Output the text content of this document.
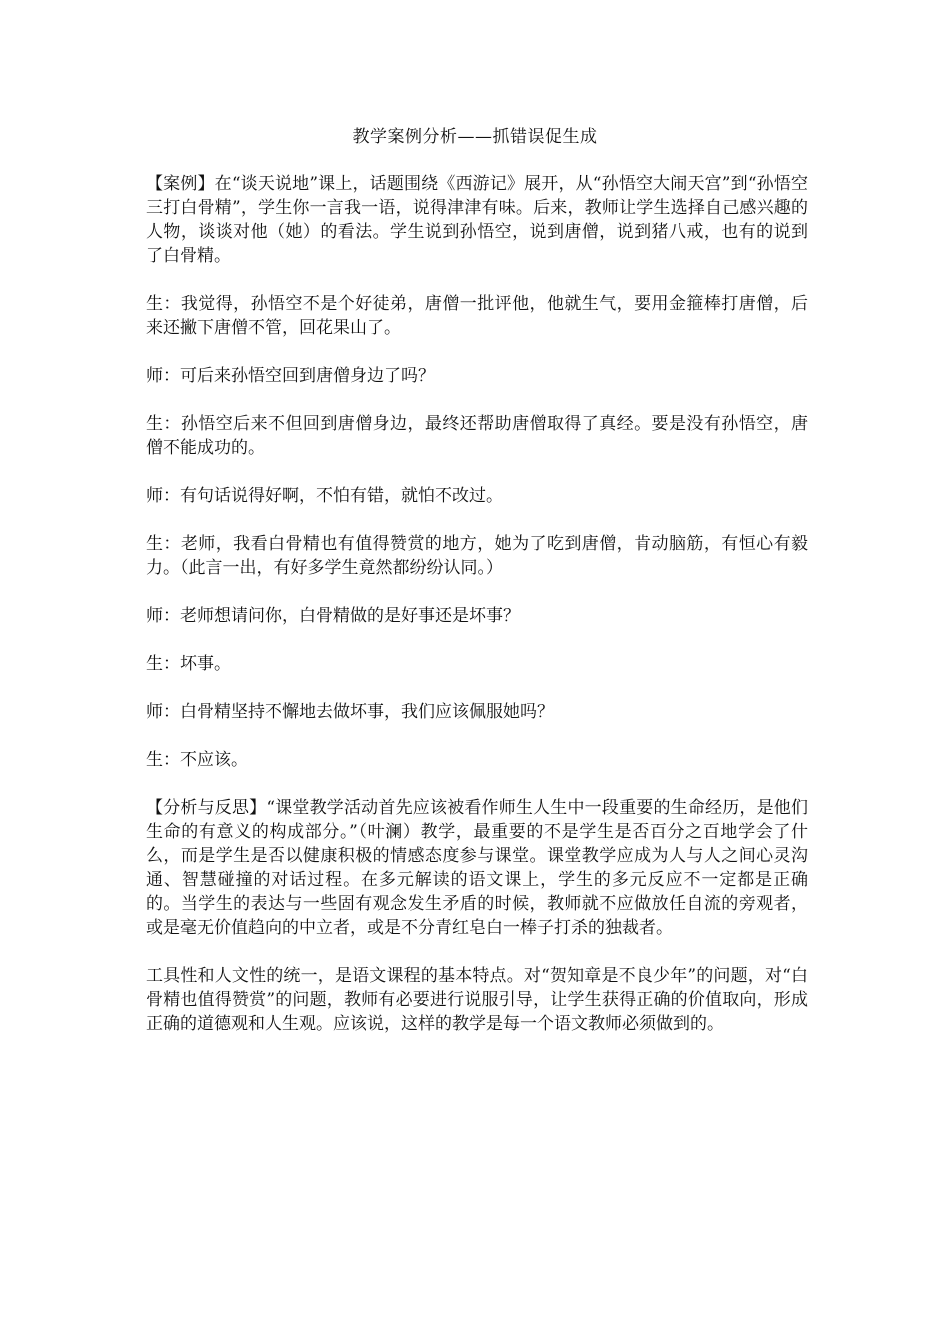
教学案例分析——抓错误促生成

【案例】在“谈天说地”课上，话题围绕《西游记》展开，从“孙悟空大闹天宫”到“孙悟空三打白骨精”，学生你一言我一语，说得津津有味。后来，教师让学生选择自己感兴趣的人物，谈谈对他（她）的看法。学生说到孙悟空，说到唐僧，说到猪八戒，也有的说到了白骨精。

生：我觉得，孙悟空不是个好徒弟，唐僧一批评他，他就生气，要用金箍棒打唐僧，后来还撇下唐僧不管，回花果山了。

师：可后来孙悟空回到唐僧身边了吗？

生：孙悟空后来不但回到唐僧身边，最终还帮助唐僧取得了真经。要是没有孙悟空，唐僧不能成功的。

师：有句话说得好啊，不怕有错，就怕不改过。

生：老师，我看白骨精也有值得赞赏的地方，她为了吃到唐僧，肯动脑筋，有恒心有毅力。（此言一出，有好多学生竟然都纷纷认同。）

师：老师想请问你，白骨精做的是好事还是坏事？

生：坏事。

师：白骨精坚持不懈地去做坏事，我们应该佩服她吗？

生：不应该。

【分析与反思】“课堂教学活动首先应该被看作师生人生中一段重要的生命经历，是他们生命的有意义的构成部分。”（叶澜）教学，最重要的不是学生是否百分之百地学会了什么，而是学生是否以健康积极的情感态度参与课堂。课堂教学应成为人与人之间心灵沟通、智慧碰撞的对话过程。在多元解读的语文课上，学生的多元反应不一定都是正确的。当学生的表达与一些固有观念发生矛盾的时候，教师就不应做放任自流的旁观者，或是毫无价值趋向的中立者，或是不分青红皂白一棒子打杀的独裁者。

工具性和人文性的统一，是语文课程的基本特点。对“贺知章是不良少年”的问题，对“白骨精也值得赞赏”的问题，教师有必要进行说服引导，让学生获得正确的价值取向，形成正确的道德观和人生观。应该说，这样的教学是每一个语文教师必须做到的。
